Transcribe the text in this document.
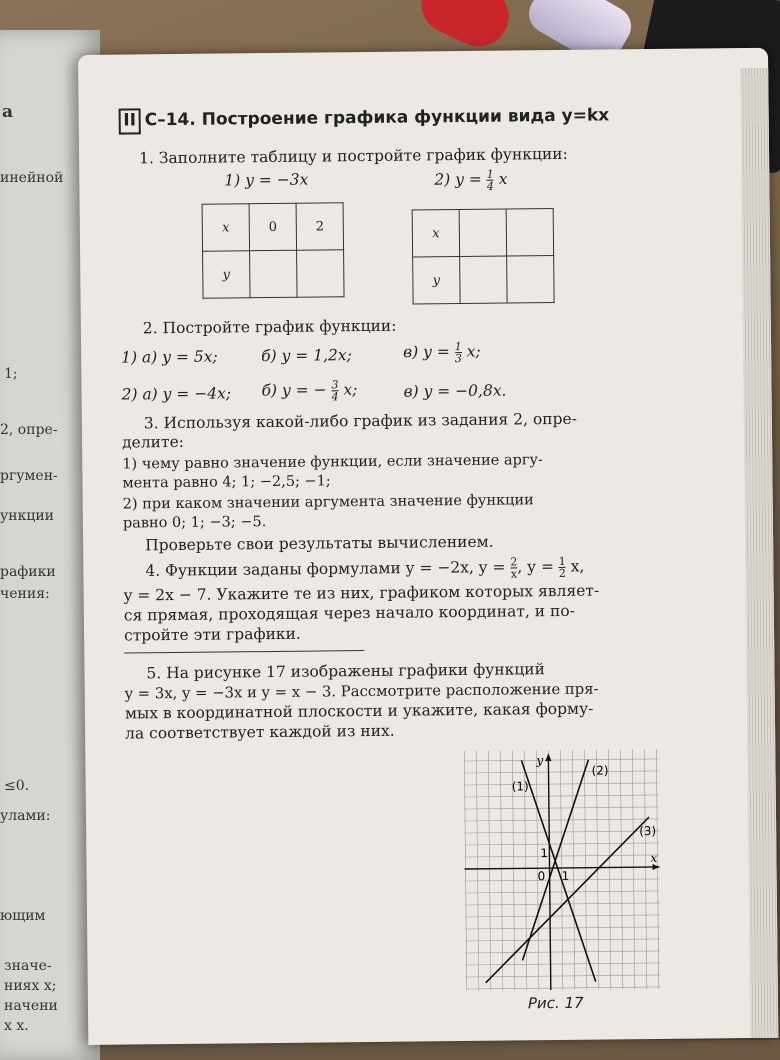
а
инейной
1;
2, опре-
ргумен-
ункции
рафики
чения:
≤0.
улами:
ющим
значе-
ниях x;
начени
х x.
II С–14. Построение графика функции вида y=kx
1. Заполните таблицу и постройте график функции:
1) y = −3x	2) $y = \frac{1}{4}$ x
x	0	2
y		
x		
y		
2. Постройте график функции:
1) а) y = 5x;	б) y = 1,2x;	в) $y = \frac{1}{3} x$;
2) а) y = −4x; б) y = − $\frac{3}{4} x$;	в) y = −0,8x.
3. Используя какой-либо график из задания 2, опре-
делите:
1) чему равно значение функции, если значение аргу-
мента равно 4; 1; −2,5; −1;
2) при каком значении аргумента значение функции
равно 0; 1; −3; −5.
Проверьте свои результаты вычислением.
4. Функции заданы формулами y = −2x, $y = \frac{2}{x}$ , $y = \frac{1}{2} x$,
y = 2x − 7. Укажите те из них, графиком которых являет-
ся прямая, проходящая через начало координат, и по-
стройте эти графики.
5. На рисунке 17 изображены графики функций
y = 3x, y = −3x и y = x − 3. Рассмотрите расположение пря-
мых в координатной плоскости и укажите, какая форму-
ла соответствует каждой из них.
(1)
(2)
(3)
x
y
0 1
1
Рис. 17
